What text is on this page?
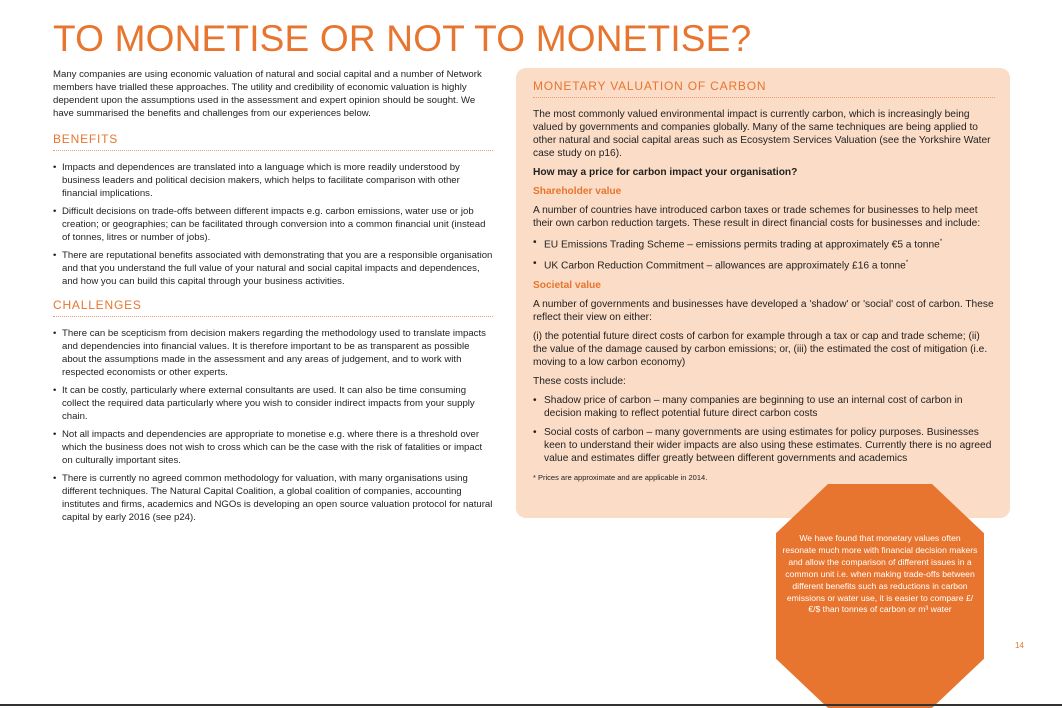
TO MONETISE OR NOT TO MONETISE?

Many companies are using economic valuation of natural and social capital and a number of Network members have trialled these approaches. The utility and credibility of economic valuation is highly dependent upon the assumptions used in the assessment and expert opinion should be sought. We have summarised the benefits and challenges from our experiences below.

BENEFITS
• Impacts and dependences are translated into a language which is more readily understood by business leaders and political decision makers, which helps to facilitate comparison with other financial implications.
• Difficult decisions on trade-offs between different impacts e.g. carbon emissions, water use or job creation; or geographies; can be facilitated through conversion into a common financial unit (instead of tonnes, litres or number of jobs).
• There are reputational benefits associated with demonstrating that you are a responsible organisation and that you understand the full value of your natural and social capital impacts and dependences, and how you can build this capital through your business activities.
CHALLENGES
• There can be scepticism from decision makers regarding the methodology used to translate impacts and dependencies into financial values. It is therefore important to be as transparent as possible about the assumptions made in the assessment and any areas of judgement, and to work with respected economists or other experts.
• It can be costly, particularly where external consultants are used. It can also be time consuming collect the required data particularly where you wish to consider indirect impacts from your supply chain.
• Not all impacts and dependencies are appropriate to monetise e.g. where there is a threshold over which the business does not wish to cross which can be the case with the risk of fatalities or impact on culturally important sites.
• There is currently no agreed common methodology for valuation, with many organisations using different techniques. The Natural Capital Coalition, a global coalition of companies, accounting institutes and firms, academics and NGOs is developing an open source valuation protocol for natural capital by early 2016 (see p24).
MONETARY VALUATION OF CARBON

The most commonly valued environmental impact is currently carbon, which is increasingly being valued by governments and companies globally. Many of the same techniques are being applied to other natural and social capital areas such as Ecosystem Services Valuation (see the Yorkshire Water case study on p16).

How may a price for carbon impact your organisation?

Shareholder value

A number of countries have introduced carbon taxes or trade schemes for businesses to help meet their own carbon reduction targets. These result in direct financial costs for businesses and include:

• EU Emissions Trading Scheme – emissions permits trading at approximately €5 a tonne*
• UK Carbon Reduction Commitment – allowances are approximately £16 a tonne*

Societal value

A number of governments and businesses have developed a 'shadow' or 'social' cost of carbon. These reflect their view on either:

(i) the potential future direct costs of carbon for example through a tax or cap and trade scheme; (ii) the value of the damage caused by carbon emissions; or, (iii) the estimated the cost of mitigation (i.e. moving to a low carbon economy)

These costs include:

• Shadow price of carbon – many companies are beginning to use an internal cost of carbon in decision making to reflect potential future direct carbon costs
• Social costs of carbon – many governments are using estimates for policy purposes. Businesses keen to understand their wider impacts are also using these estimates. Currently there is no agreed value and estimates differ greatly between different governments and academics
* Prices are approximate and are applicable in 2014.
We have found that monetary values often resonate much more with financial decision makers and allow the comparison of different issues in a common unit i.e. when making trade-offs between different benefits such as reductions in carbon emissions or water use, it is easier to compare £/€/$ than tonnes of carbon or m³ water
14
